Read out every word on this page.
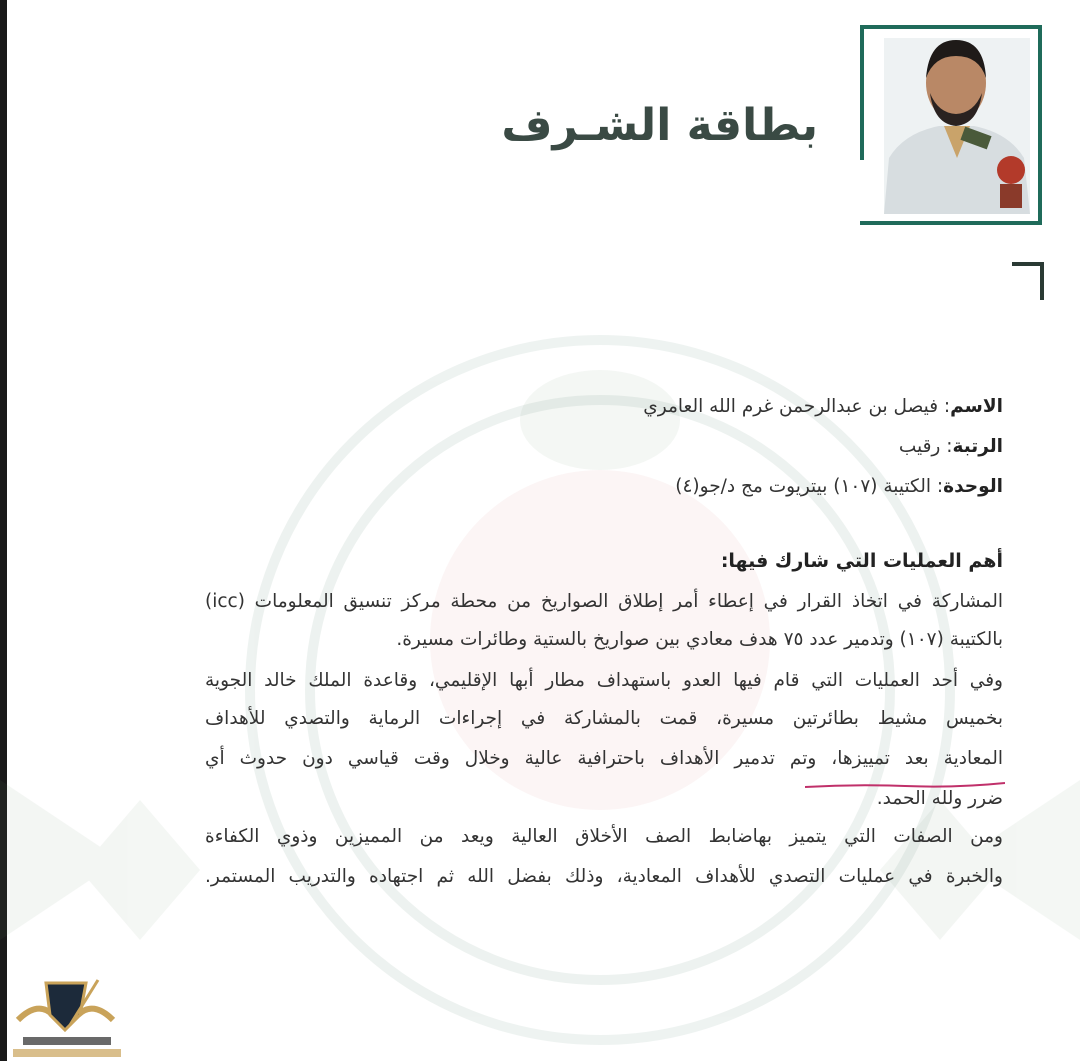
بطاقة الشـرف
الاسم: فيصل بن عبدالرحمن غرم الله العامري
الرتبة: رقيب
الوحدة: الكتيبة (١٠٧) بيتريوت مج د/جو(٤)
أهم العمليات التي شارك فيها:
المشاركة في اتخاذ القرار في إعطاء أمر إطلاق الصواريخ من محطة مركز تنسيق المعلومات (icc)
بالكتيبة (١٠٧) وتدمير عدد ٧٥ هدف معادي بين صواريخ بالستية وطائرات مسيرة.
وفي أحد العمليات التي قام فيها العدو باستهداف مطار أبها الإقليمي، وقاعدة الملك خالد الجوية
بخميس مشيط بطائرتين مسيرة، قمت بالمشاركة في إجراءات الرماية والتصدي للأهداف
المعادية بعد تمييزها، وتم تدمير الأهداف باحترافية عالية وخلال وقت قياسي دون حدوث أي
ضرر ولله الحمد.
ومن الصفات التي يتميز بهاضابط الصف الأخلاق العالية ويعد من المميزين وذوي الكفاءة
والخبرة في عمليات التصدي للأهداف المعادية، وذلك بفضل الله ثم اجتهاده والتدريب المستمر.
